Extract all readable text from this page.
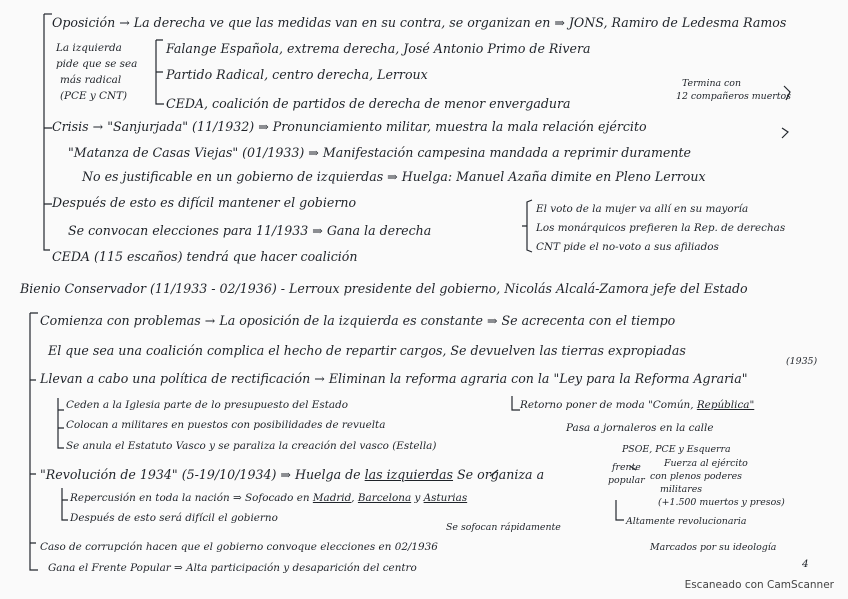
Oposición → La derecha ve que las medidas van en su contra, se organizan en ⇒ JONS, Ramiro de Ledesma Ramos
La izquierda
pide que se sea
más radical
(PCE y CNT)
Falange Española, extrema derecha, José Antonio Primo de Rivera
Partido Radical, centro derecha, Lerroux
CEDA, coalición de partidos de derecha de menor envergadura
Termina con
12 compañeros muertos
Crisis → "Sanjurjada" (11/1932) ⇒ Pronunciamiento militar, muestra la mala relación ejército
"Matanza de Casas Viejas" (01/1933) ⇒ Manifestación campesina mandada a reprimir duramente
No es justificable en un gobierno de izquierdas ⇒ Huelga: Manuel Azaña dimite en Pleno Lerroux
Después de esto es difícil mantener el gobierno
Se convocan elecciones para 11/1933 ⇒ Gana la derecha
El voto de la mujer va allí en su mayoría
Los monárquicos prefieren la Rep. de derechas
CNT pide el no-voto a sus afiliados
CEDA (115 escaños) tendrá que hacer coalición
Bienio Conservador (11/1933 - 02/1936) - Lerroux presidente del gobierno, Nicolás Alcalá-Zamora jefe del Estado
Comienza con problemas → La oposición de la izquierda es constante ⇒ Se acrecenta con el tiempo
El que sea una coalición complica el hecho de repartir cargos, Se devuelven las tierras expropiadas
(1935)
Llevan a cabo una política de rectificación → Eliminan la reforma agraria con la "Ley para la Reforma Agraria"
Ceden a la Iglesia parte de lo presupuesto del Estado	Retorno poner de moda "Común, República"
Colocan a militares en puestos con posibilidades de revuelta	Pasa a jornaleros en la calle
Se anula el Estatuto Vasco y se paraliza la creación del vasco (Estella)	PSOE, PCE y Esquerra
"Revolución de 1934" (5-19/10/1934) ⇒ Huelga de las izquierdas Se organiza a	frente
popular
Fuerza al ejército
con plenos poderes
militares
(+1.500 muertos y presos)
Repercusión en toda la nación ⇒ Sofocado en Madrid, Barcelona y Asturias
Después de esto será difícil el gobierno
Se sofocan rápidamente
Altamente revolucionaria
Caso de corrupción hacen que el gobierno convoque elecciones en 02/1936
Gana el Frente Popular ⇒ Alta participación y desaparición del centro
Marcados por su ideología
4
Escaneado con CamScanner
